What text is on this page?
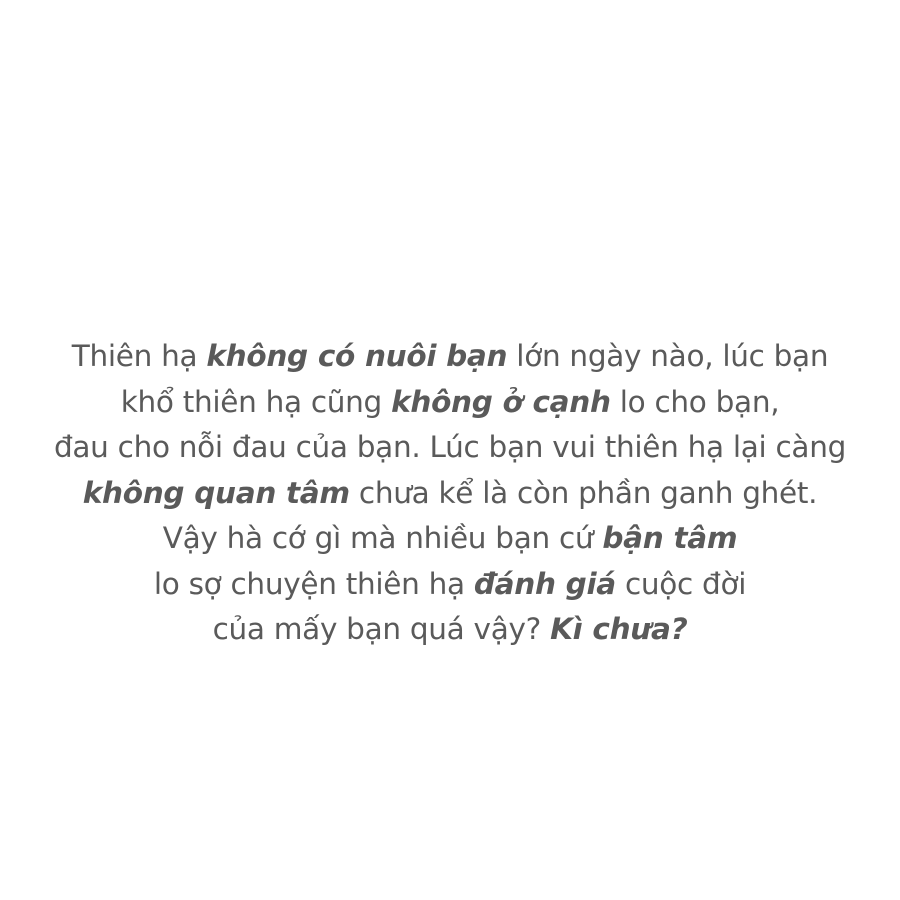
Thiên hạ không có nuôi bạn lớn ngày nào, lúc bạn
khổ thiên hạ cũng không ở cạnh lo cho bạn,
đau cho nỗi đau của bạn. Lúc bạn vui thiên hạ lại càng
không quan tâm chưa kể là còn phần ganh ghét.
Vậy hà cớ gì mà nhiều bạn cứ bận tâm
lo sợ chuyện thiên hạ đánh giá cuộc đời
của mấy bạn quá vậy? Kì chưa?
